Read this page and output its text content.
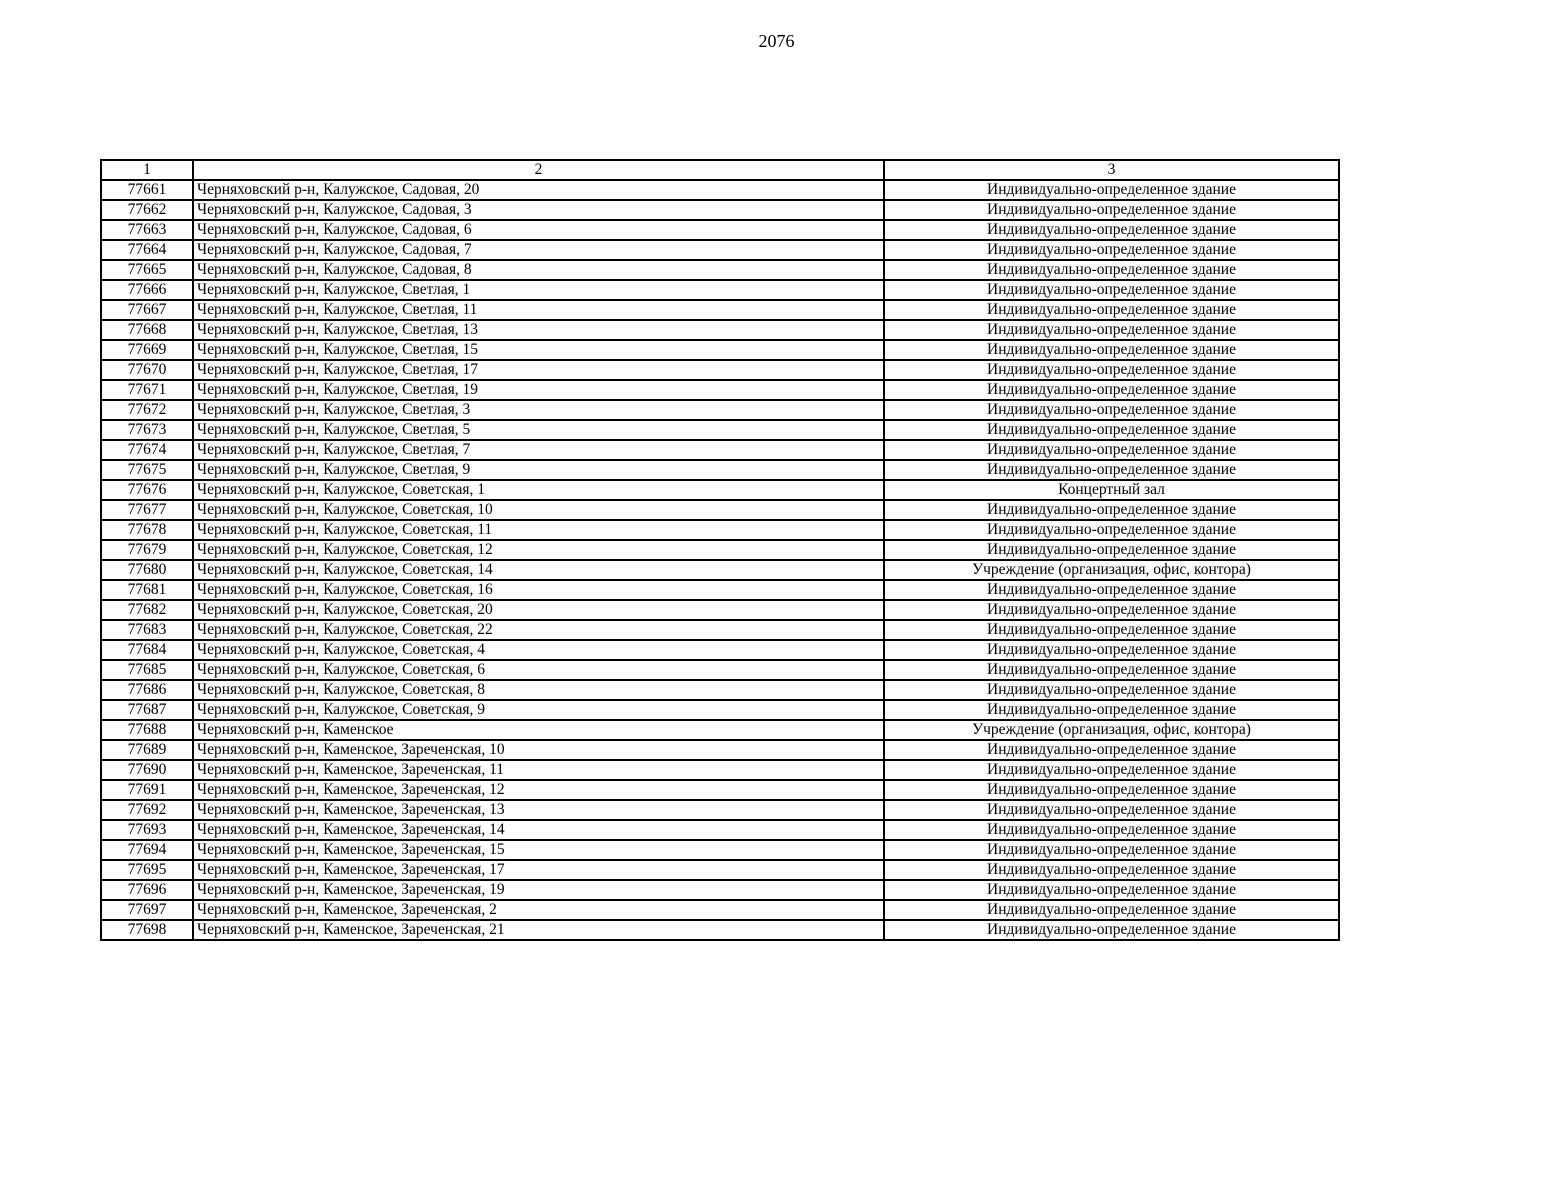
2076
1	2	3
77661	Черняховский р-н, Калужское, Садовая, 20	Индивидуально-определенное здание
77662	Черняховский р-н, Калужское, Садовая, 3	Индивидуально-определенное здание
77663	Черняховский р-н, Калужское, Садовая, 6	Индивидуально-определенное здание
77664	Черняховский р-н, Калужское, Садовая, 7	Индивидуально-определенное здание
77665	Черняховский р-н, Калужское, Садовая, 8	Индивидуально-определенное здание
77666	Черняховский р-н, Калужское, Светлая, 1	Индивидуально-определенное здание
77667	Черняховский р-н, Калужское, Светлая, 11	Индивидуально-определенное здание
77668	Черняховский р-н, Калужское, Светлая, 13	Индивидуально-определенное здание
77669	Черняховский р-н, Калужское, Светлая, 15	Индивидуально-определенное здание
77670	Черняховский р-н, Калужское, Светлая, 17	Индивидуально-определенное здание
77671	Черняховский р-н, Калужское, Светлая, 19	Индивидуально-определенное здание
77672	Черняховский р-н, Калужское, Светлая, 3	Индивидуально-определенное здание
77673	Черняховский р-н, Калужское, Светлая, 5	Индивидуально-определенное здание
77674	Черняховский р-н, Калужское, Светлая, 7	Индивидуально-определенное здание
77675	Черняховский р-н, Калужское, Светлая, 9	Индивидуально-определенное здание
77676	Черняховский р-н, Калужское, Советская, 1	Концертный зал
77677	Черняховский р-н, Калужское, Советская, 10	Индивидуально-определенное здание
77678	Черняховский р-н, Калужское, Советская, 11	Индивидуально-определенное здание
77679	Черняховский р-н, Калужское, Советская, 12	Индивидуально-определенное здание
77680	Черняховский р-н, Калужское, Советская, 14	Учреждение (организация, офис, контора)
77681	Черняховский р-н, Калужское, Советская, 16	Индивидуально-определенное здание
77682	Черняховский р-н, Калужское, Советская, 20	Индивидуально-определенное здание
77683	Черняховский р-н, Калужское, Советская, 22	Индивидуально-определенное здание
77684	Черняховский р-н, Калужское, Советская, 4	Индивидуально-определенное здание
77685	Черняховский р-н, Калужское, Советская, 6	Индивидуально-определенное здание
77686	Черняховский р-н, Калужское, Советская, 8	Индивидуально-определенное здание
77687	Черняховский р-н, Калужское, Советская, 9	Индивидуально-определенное здание
77688	Черняховский р-н, Каменское	Учреждение (организация, офис, контора)
77689	Черняховский р-н, Каменское, Зареченская, 10	Индивидуально-определенное здание
77690	Черняховский р-н, Каменское, Зареченская, 11	Индивидуально-определенное здание
77691	Черняховский р-н, Каменское, Зареченская, 12	Индивидуально-определенное здание
77692	Черняховский р-н, Каменское, Зареченская, 13	Индивидуально-определенное здание
77693	Черняховский р-н, Каменское, Зареченская, 14	Индивидуально-определенное здание
77694	Черняховский р-н, Каменское, Зареченская, 15	Индивидуально-определенное здание
77695	Черняховский р-н, Каменское, Зареченская, 17	Индивидуально-определенное здание
77696	Черняховский р-н, Каменское, Зареченская, 19	Индивидуально-определенное здание
77697	Черняховский р-н, Каменское, Зареченская, 2	Индивидуально-определенное здание
77698	Черняховский р-н, Каменское, Зареченская, 21	Индивидуально-определенное здание
